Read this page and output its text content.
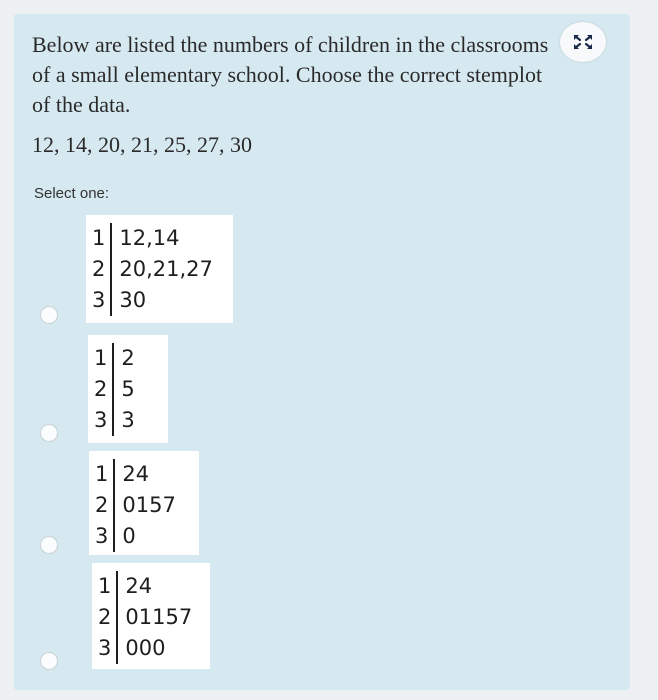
Below are listed the numbers of children in the classrooms of a small elementary school. Choose the correct stemplot of the data.
12, 14, 20, 21, 25, 27, 30
Select one:
1	12,14
2	20,21,27
3	30
1	2
2	5
3	3
1	24
2	0157
3	0
1	24
2	01157
3	000
